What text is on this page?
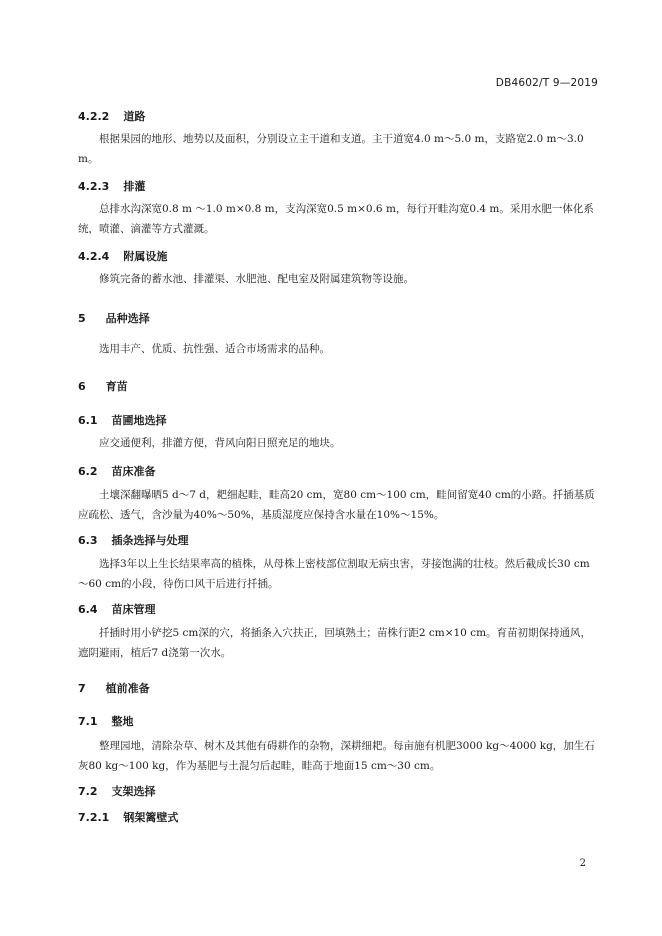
DB4602/T 9—2019
4.2.2 道路
根据果园的地形、地势以及面积，分别设立主干道和支道。主干道宽4.0 m～5.0 m，支路宽2.0 m～3.0 m。
4.2.3 排灌
总排水沟深宽0.8 m ～1.0 m×0.8 m，支沟深宽0.5 m×0.6 m，每行开畦沟宽0.4 m。采用水肥一体化系统，喷灌、滴灌等方式灌溉。
4.2.4 附属设施
修筑完备的蓄水池、排灌渠、水肥池、配电室及附属建筑物等设施。
5 品种选择
选用丰产、优质、抗性强、适合市场需求的品种。
6 育苗
6.1 苗圃地选择
应交通便利，排灌方便，背风向阳日照充足的地块。
6.2 苗床准备
土壤深翻曝晒5 d～7 d，耙细起畦，畦高20 cm，宽80 cm～100 cm，畦间留宽40 cm的小路。扦插基质应疏松、透气，含沙量为40%～50%，基质湿度应保持含水量在10%～15%。
6.3 插条选择与处理
选择3年以上生长结果率高的植株，从母株上密枝部位割取无病虫害，芽接饱满的壮枝。然后截成长30 cm～60 cm的小段，待伤口风干后进行扦插。
6.4 苗床管理
扦插时用小铲挖5 cm深的穴，将插条入穴扶正，回填熟土；苗株行距2 cm×10 cm。育苗初期保持通风，遮阴避雨，植后7 d浇第一次水。
7 植前准备
7.1 整地
整理园地，清除杂草、树木及其他有碍耕作的杂物，深耕细耙。每亩施有机肥3000 kg～4000 kg，加生石灰80 kg～100 kg，作为基肥与土混匀后起畦，畦高于地面15 cm～30 cm。
7.2 支架选择
7.2.1 钢架篱壁式
2
